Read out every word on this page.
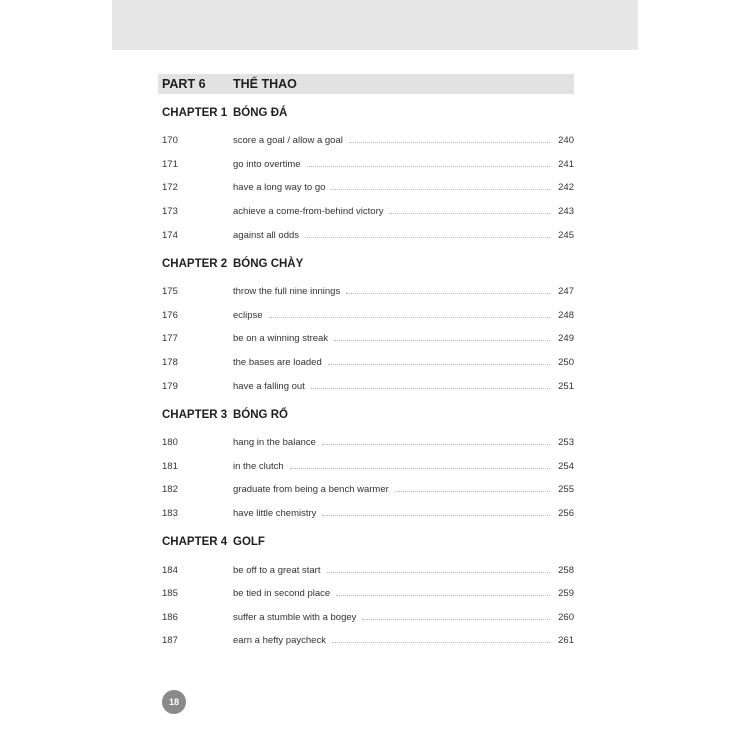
PART 6	THỂ THAO
CHAPTER 1 BÓNG ĐÁ
170	score a goal / allow a goal	240
171	go into overtime	241
172	have a long way to go	242
173	achieve a come-from-behind victory	243
174	against all odds	245
CHAPTER 2 BÓNG CHÀY
175	throw the full nine innings	247
176	eclipse	248
177	be on a winning streak	249
178	the bases are loaded	250
179	have a falling out	251
CHAPTER 3 BÓNG RỔ
180	hang in the balance	253
181	in the clutch	254
182	graduate from being a bench warmer	255
183	have little chemistry	256
CHAPTER 4 GOLF
184	be off to a great start	258
185	be tied in second place	259
186	suffer a stumble with a bogey	260
187	earn a hefty paycheck	261
18
